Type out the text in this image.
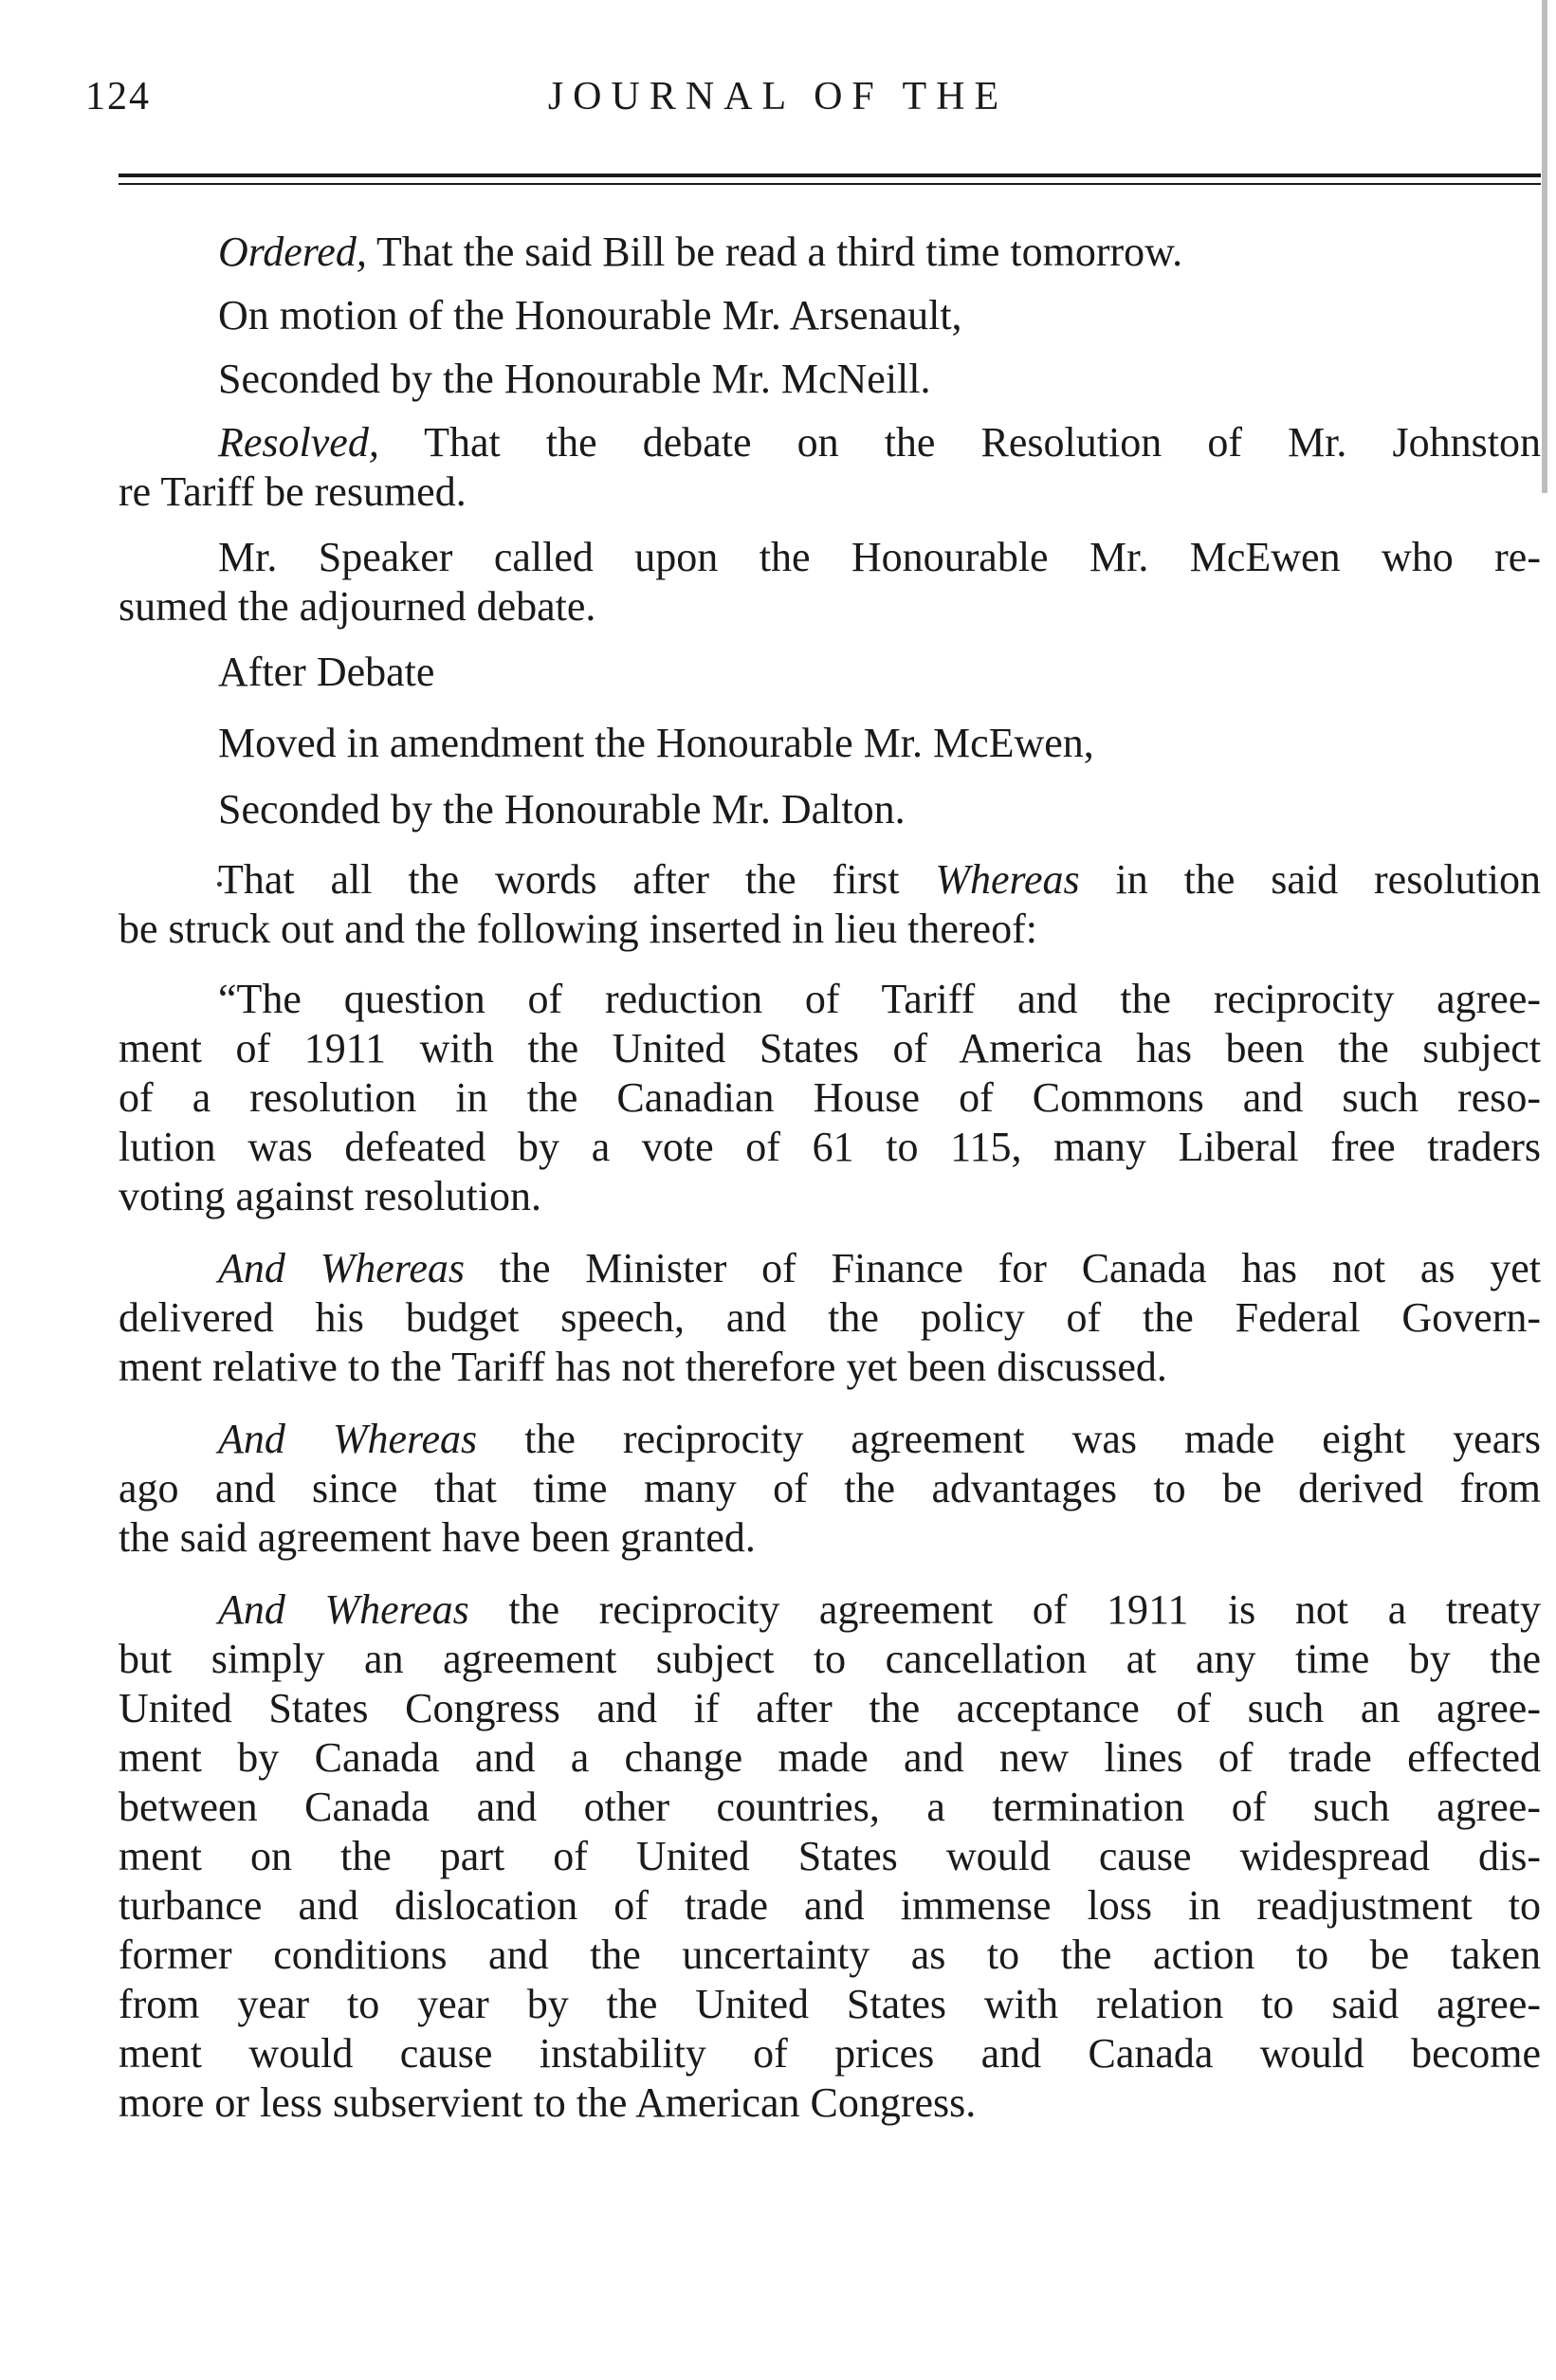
124	JOURNAL OF THE
Ordered, That the said Bill be read a third time tomorrow.
On motion of the Honourable Mr. Arsenault,
Seconded by the Honourable Mr. McNeill.
Resolved, That the debate on the Resolution of Mr. Johnston
re Tariff be resumed.
Mr. Speaker called upon the Honourable Mr. McEwen who re-
sumed the adjourned debate.
After Debate
Moved in amendment the Honourable Mr. McEwen,
Seconded by the Honourable Mr. Dalton.
That all the words after the first Whereas in the said resolution
be struck out and the following inserted in lieu thereof:
“The question of reduction of Tariff and the reciprocity agree-
ment of 1911 with the United States of America has been the subject
of a resolution in the Canadian House of Commons and such reso-
lution was defeated by a vote of 61 to 115, many Liberal free traders
voting against resolution.
And Whereas the Minister of Finance for Canada has not as yet
delivered his budget speech, and the policy of the Federal Govern-
ment relative to the Tariff has not therefore yet been discussed.
And Whereas the reciprocity agreement was made eight years
ago and since that time many of the advantages to be derived from
the said agreement have been granted.
And Whereas the reciprocity agreement of 1911 is not a treaty
but simply an agreement subject to cancellation at any time by the
United States Congress and if after the acceptance of such an agree-
ment by Canada and a change made and new lines of trade effected
between Canada and other countries, a termination of such agree-
ment on the part of United States would cause widespread dis-
turbance and dislocation of trade and immense loss in readjustment to
former conditions and the uncertainty as to the action to be taken
from year to year by the United States with relation to said agree-
ment would cause instability of prices and Canada would become
more or less subservient to the American Congress.
